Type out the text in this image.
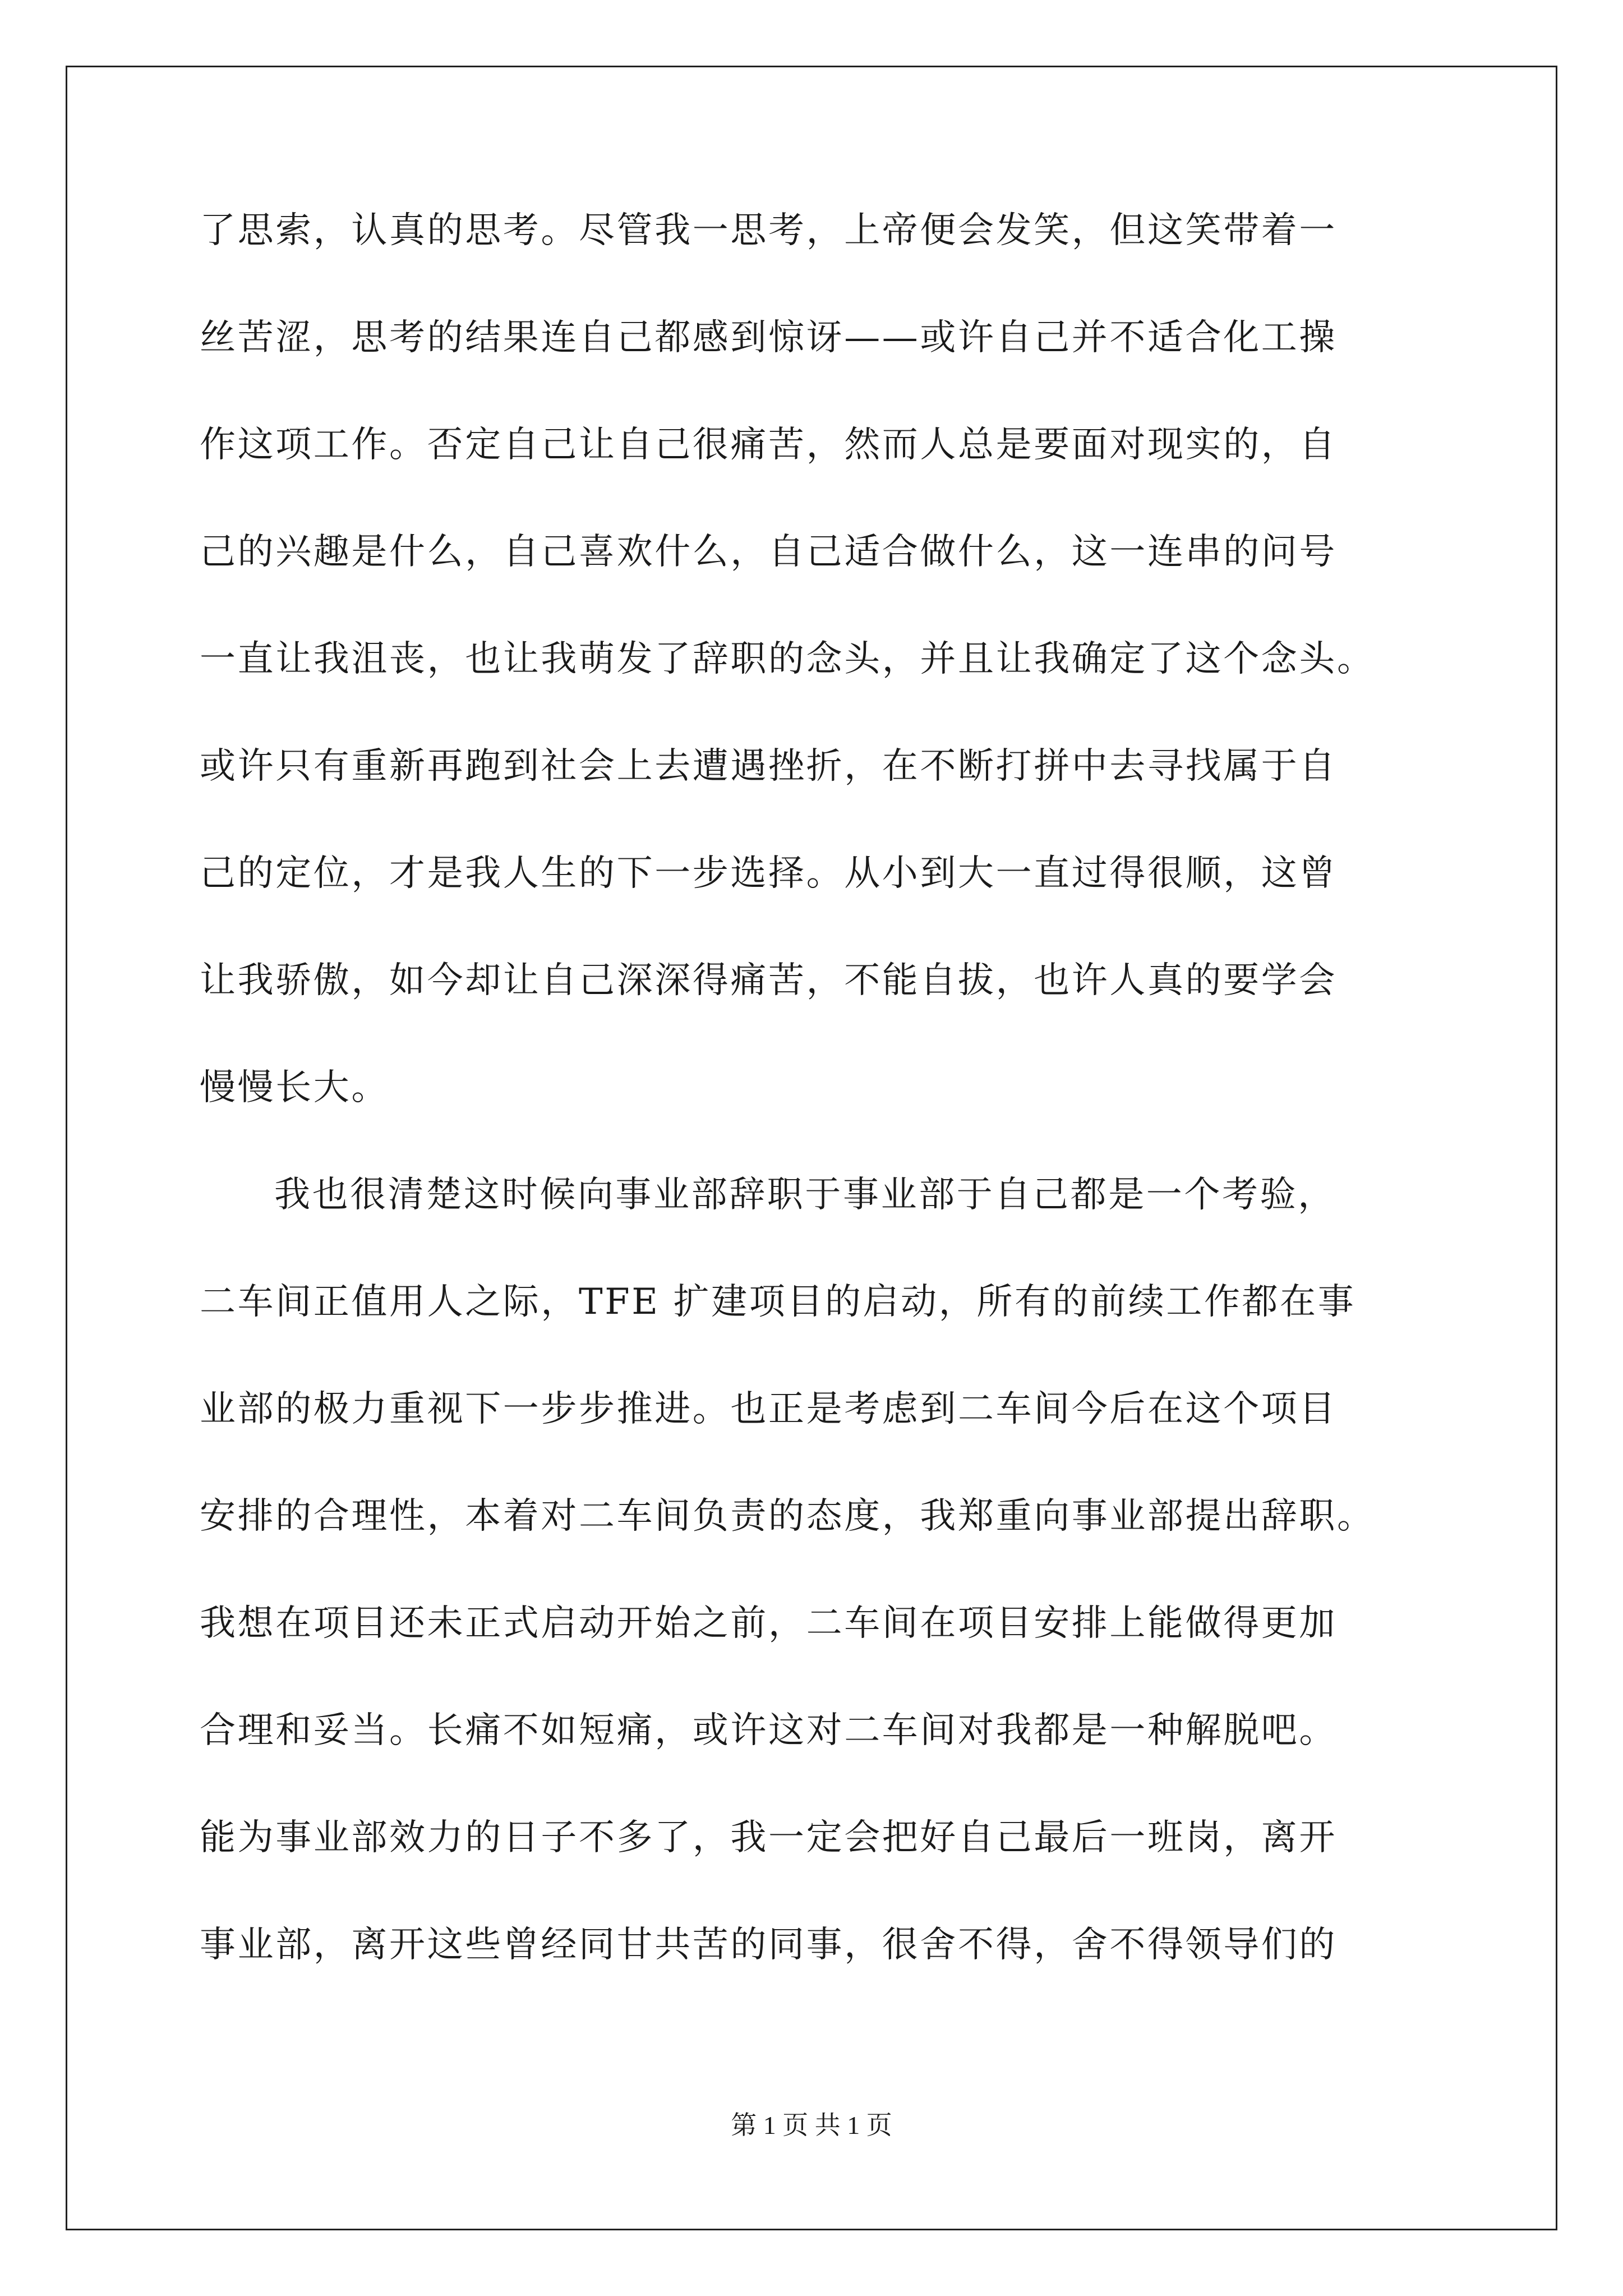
了思索，认真的思考。尽管我一思考，上帝便会发笑，但这笑带着一
丝苦涩，思考的结果连自己都感到惊讶——或许自己并不适合化工操
作这项工作。否定自己让自己很痛苦，然而人总是要面对现实的，自
己的兴趣是什么，自己喜欢什么，自己适合做什么，这一连串的问号
一直让我沮丧，也让我萌发了辞职的念头，并且让我确定了这个念头。
或许只有重新再跑到社会上去遭遇挫折，在不断打拼中去寻找属于自
己的定位，才是我人生的下一步选择。从小到大一直过得很顺，这曾
让我骄傲，如今却让自己深深得痛苦，不能自拔，也许人真的要学会
慢慢长大。
我也很清楚这时候向事业部辞职于事业部于自己都是一个考验，
二车间正值用人之际，TFE 扩建项目的启动，所有的前续工作都在事
业部的极力重视下一步步推进。也正是考虑到二车间今后在这个项目
安排的合理性，本着对二车间负责的态度，我郑重向事业部提出辞职。
我想在项目还未正式启动开始之前，二车间在项目安排上能做得更加
合理和妥当。长痛不如短痛，或许这对二车间对我都是一种解脱吧。
能为事业部效力的日子不多了，我一定会把好自己最后一班岗，离开
事业部，离开这些曾经同甘共苦的同事，很舍不得，舍不得领导们的
第 1 页 共 1 页
